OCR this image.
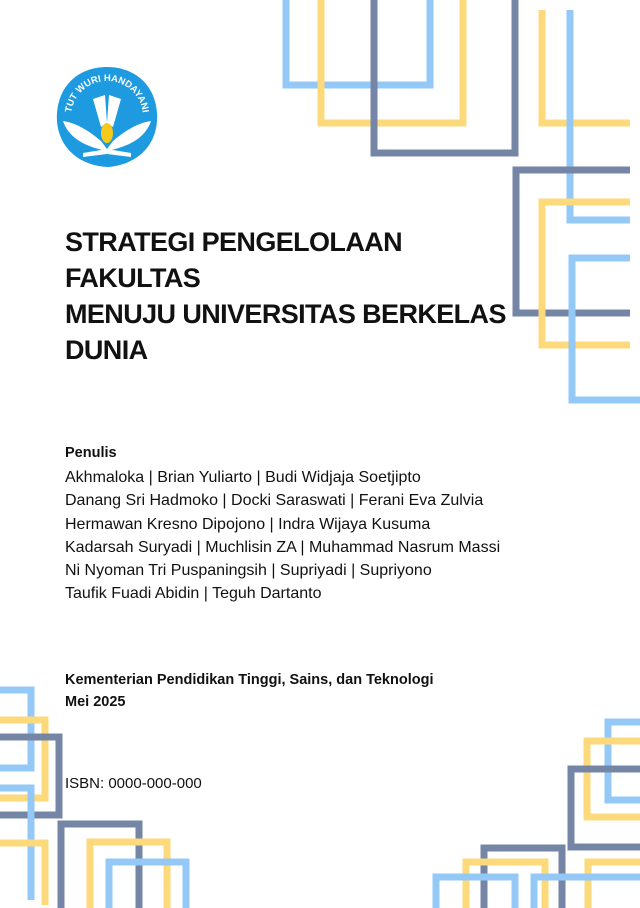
TUT WURI HANDAYANI
STRATEGI PENGELOLAAN
FAKULTAS
MENUJU UNIVERSITAS BERKELAS
DUNIA
Penulis
Akhmaloka | Brian Yuliarto | Budi Widjaja Soetjipto
Danang Sri Hadmoko | Docki Saraswati | Ferani Eva Zulvia
Hermawan Kresno Dipojono | Indra Wijaya Kusuma
Kadarsah Suryadi | Muchlisin ZA | Muhammad Nasrum Massi
Ni Nyoman Tri Puspaningsih | Supriyadi | Supriyono
Taufik Fuadi Abidin | Teguh Dartanto
Kementerian Pendidikan Tinggi, Sains, dan Teknologi
Mei 2025
ISBN: 0000-000-000
